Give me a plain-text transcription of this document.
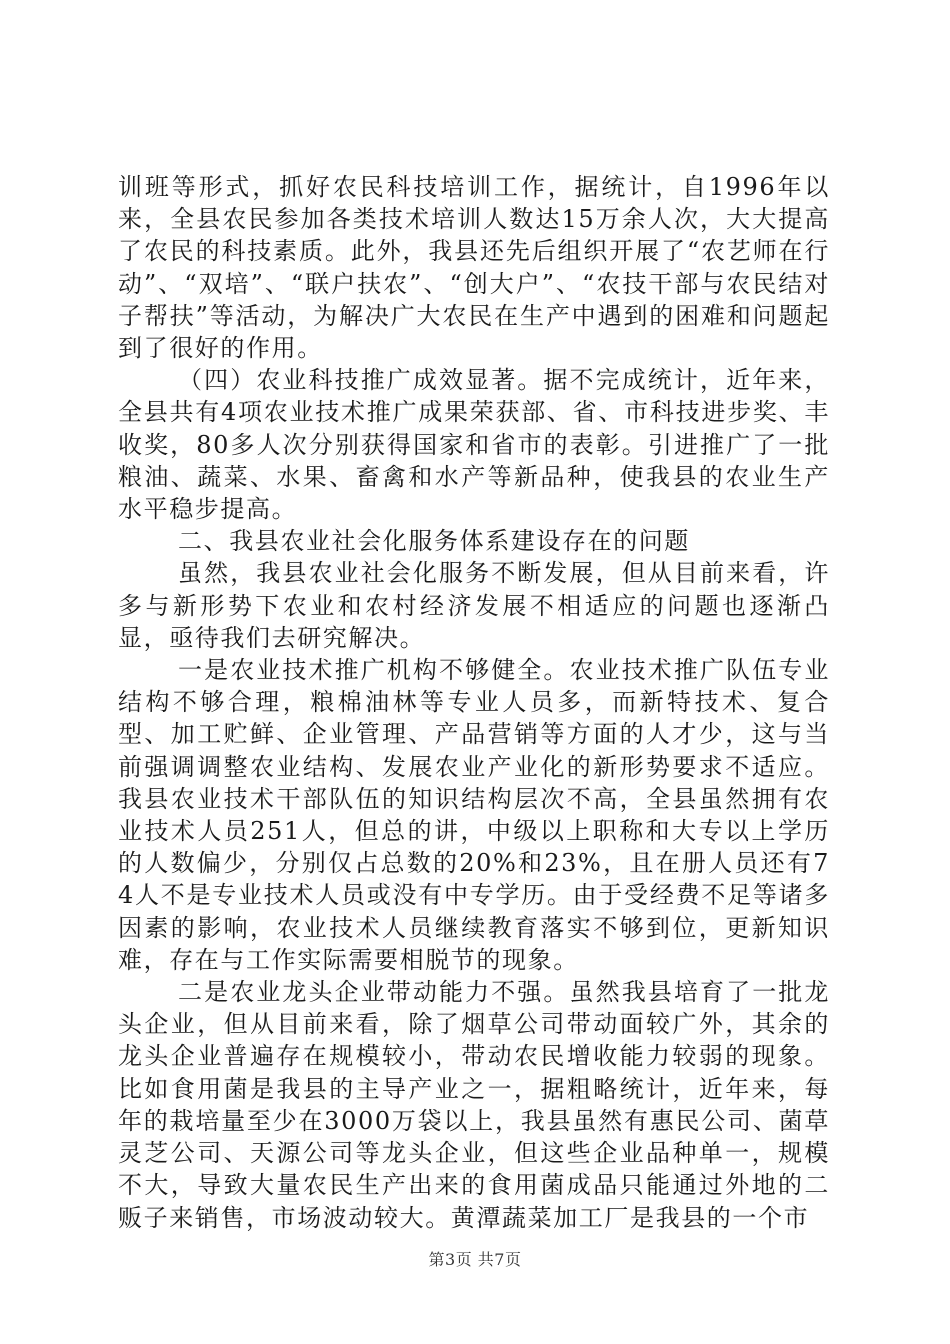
训班等形式，抓好农民科技培训工作，据统计，自1996年以来，全县农民参加各类技术培训人数达15万余人次，大大提高了农民的科技素质。此外，我县还先后组织开展了“农艺师在行动”、“双培”、“联户扶农”、“创大户”、“农技干部与农民结对子帮扶”等活动，为解决广大农民在生产中遇到的困难和问题起到了很好的作用。

（四）农业科技推广成效显著。据不完成统计，近年来，全县共有4项农业技术推广成果荣获部、省、市科技进步奖、丰收奖，80多人次分别获得国家和省市的表彰。引进推广了一批粮油、蔬菜、水果、畜禽和水产等新品种，使我县的农业生产水平稳步提高。

二、我县农业社会化服务体系建设存在的问题

虽然，我县农业社会化服务不断发展，但从目前来看，许多与新形势下农业和农村经济发展不相适应的问题也逐渐凸显，亟待我们去研究解决。

一是农业技术推广机构不够健全。农业技术推广队伍专业结构不够合理，粮棉油林等专业人员多，而新特技术、复合型、加工贮鲜、企业管理、产品营销等方面的人才少，这与当前强调调整农业结构、发展农业产业化的新形势要求不适应。我县农业技术干部队伍的知识结构层次不高，全县虽然拥有农业技术人员251人，但总的讲，中级以上职称和大专以上学历的人数偏少，分别仅占总数的20%和23%，且在册人员还有74人不是专业技术人员或没有中专学历。由于受经费不足等诸多因素的影响，农业技术人员继续教育落实不够到位，更新知识难，存在与工作实际需要相脱节的现象。

二是农业龙头企业带动能力不强。虽然我县培育了一批龙头企业，但从目前来看，除了烟草公司带动面较广外，其余的龙头企业普遍存在规模较小，带动农民增收能力较弱的现象。比如食用菌是我县的主导产业之一，据粗略统计，近年来，每年的栽培量至少在3000万袋以上，我县虽然有惠民公司、菌草灵芝公司、天源公司等龙头企业，但这些企业品种单一，规模不大，导致大量农民生产出来的食用菌成品只能通过外地的二贩子来销售，市场波动较大。黄潭蔬菜加工厂是我县的一个市

第3页 共7页
